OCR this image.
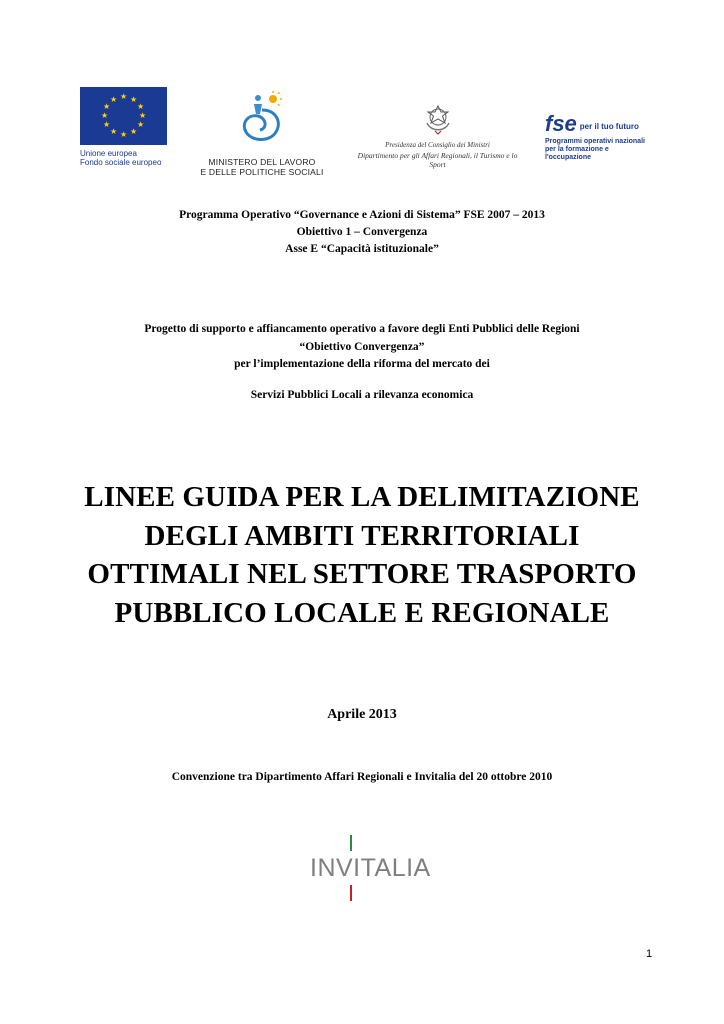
★ ★
★
★
★
★
★
★
★
★
★
★
Unione europea
Fondo sociale europeo	MINISTERO DEL LAVORO
E DELLE POLITICHE SOCIALI
Presidenza del Consiglio dei Ministri
Dipartimento per gli Affari Regionali, il Turismo e lo Sport
fse per il tuo futuro
Programmi operativi nazionali
per la formazione e l'occupazione
Programma Operativo “Governance e Azioni di Sistema” FSE 2007 – 2013
Obiettivo 1 – Convergenza
Asse E “Capacità istituzionale”
Progetto di supporto e affiancamento operativo a favore degli Enti Pubblici delle Regioni
“Obiettivo Convergenza”
per l’implementazione della riforma del mercato dei
Servizi Pubblici Locali a rilevanza economica
LINEE GUIDA PER LA DELIMITAZIONE
DEGLI AMBITI TERRITORIALI
OTTIMALI NEL SETTORE TRASPORTO
PUBBLICO LOCALE E REGIONALE
Aprile 2013
Convenzione tra Dipartimento Affari Regionali e Invitalia del 20 ottobre 2010
INVITALIA
1
